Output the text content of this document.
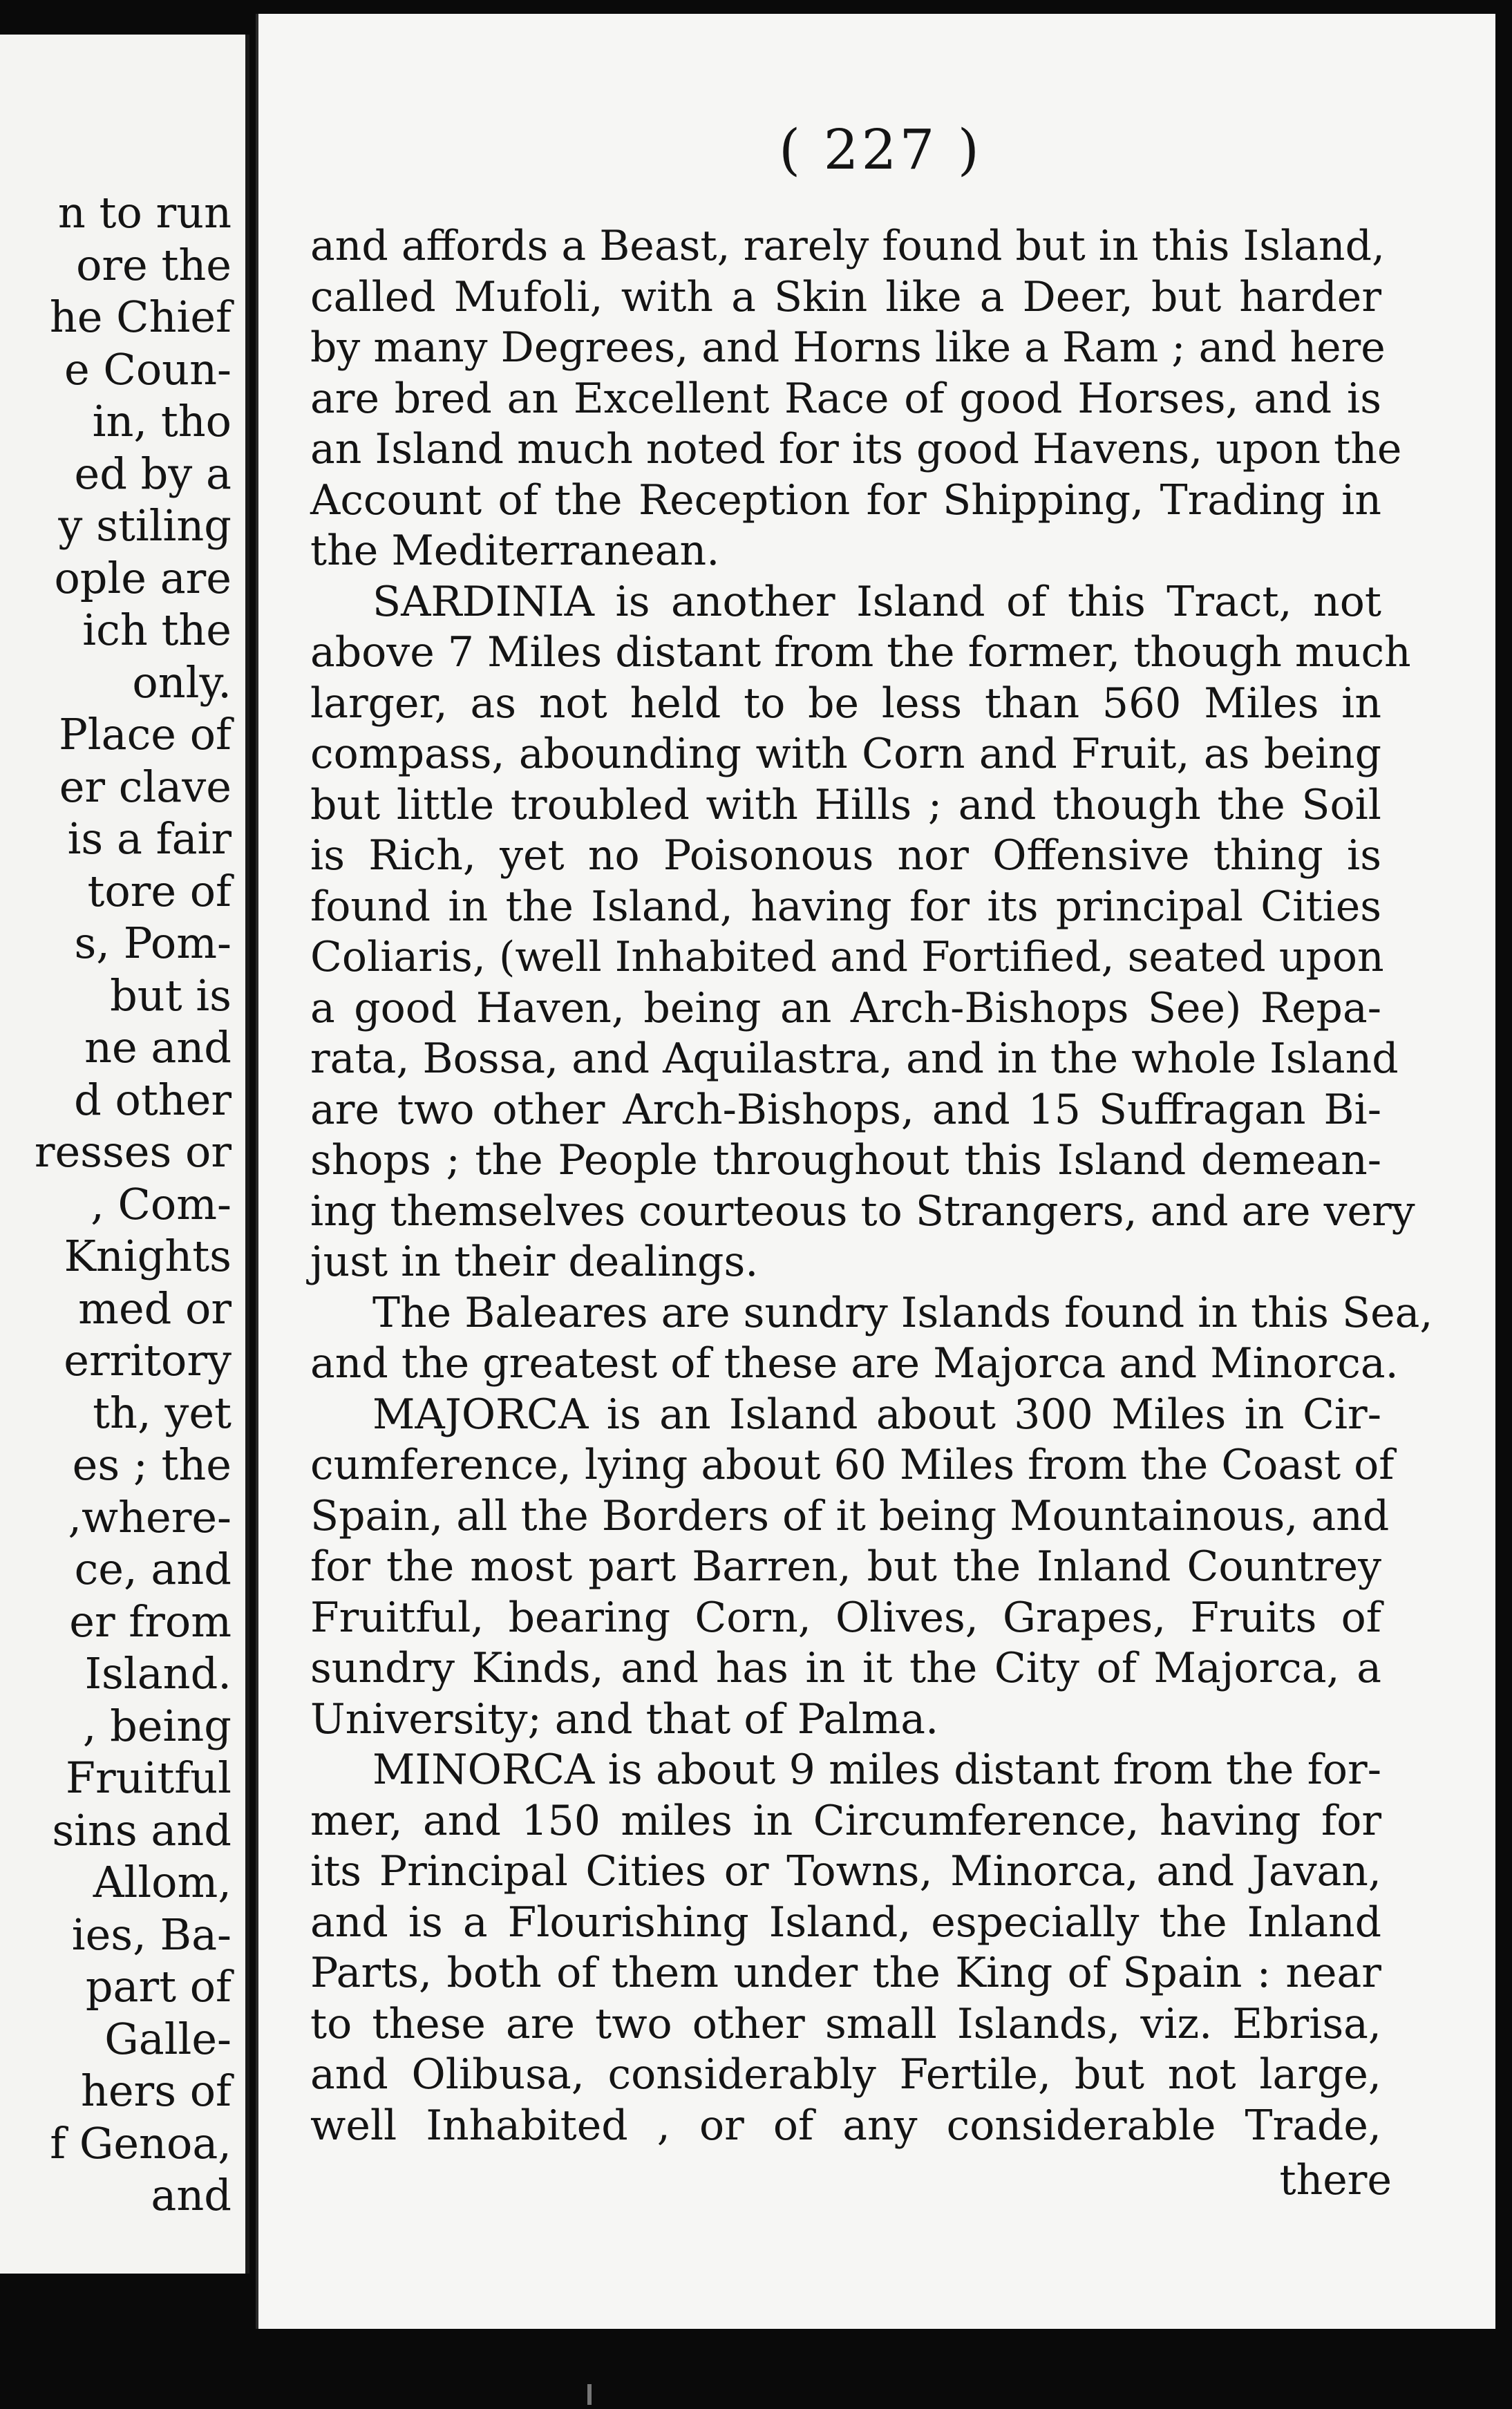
n to run
ore the
he Chief
e Coun-
in, tho
ed by a
y stiling
ople are
ich the
only.
Place of
er clave
is a fair
tore of
s, Pom-
but is
ne and
d other
resses or
, Com-
Knights
med or
erritory
th, yet
es ; the
,where-
ce, and
er from
Island.
, being
Fruitful
sins and
Allom,
ies, Ba-
part of
Galle-
hers of
f Genoa,
and
( 227 )
and affords a Beast, rarely found but in this Island,
called Mufoli, with a Skin like a Deer, but harder
by many Degrees, and Horns like a Ram ; and here
are bred an Excellent Race of good Horses, and is
an Island much noted for its good Havens, upon the
Account of the Reception for Shipping, Trading in
the Mediterranean.
SARDINIA is another Island of this Tract, not
above 7 Miles distant from the former, though much
larger, as not held to be less than 560 Miles in
compass, abounding with Corn and Fruit, as being
but little troubled with Hills ; and though the Soil
is Rich, yet no Poisonous nor Offensive thing is
found in the Island, having for its principal Cities
Coliaris, (well Inhabited and Fortified, seated upon
a good Haven, being an Arch-Bishops See) Repa-
rata, Bossa, and Aquilastra, and in the whole Island
are two other Arch-Bishops, and 15 Suffragan Bi-
shops ; the People throughout this Island demean-
ing themselves courteous to Strangers, and are very
just in their dealings.
The Baleares are sundry Islands found in this Sea,
and the greatest of these are Majorca and Minorca.
MAJORCA is an Island about 300 Miles in Cir-
cumference, lying about 60 Miles from the Coast of
Spain, all the Borders of it being Mountainous, and
for the most part Barren, but the Inland Countrey
Fruitful, bearing Corn, Olives, Grapes, Fruits of
sundry Kinds, and has in it the City of Majorca, a
University; and that of Palma.
MINORCA is about 9 miles distant from the for-
mer, and 150 miles in Circumference, having for
its Principal Cities or Towns, Minorca, and Javan,
and is a Flourishing Island, especially the Inland
Parts, both of them under the King of Spain : near
to these are two other small Islands, viz. Ebrisa,
and Olibusa, considerably Fertile, but not large,
well Inhabited , or of any considerable Trade,
there
